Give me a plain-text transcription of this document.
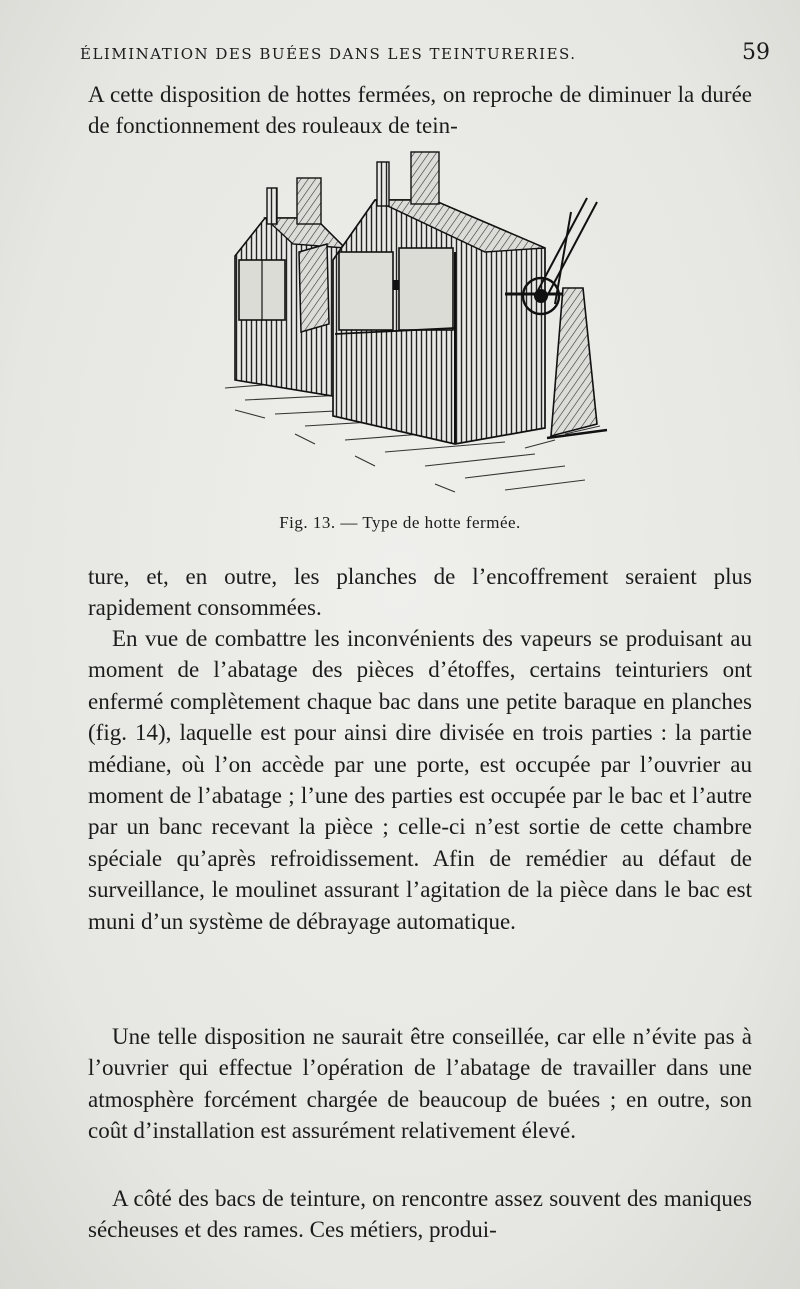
ÉLIMINATION DES BUÉES DANS LES TEINTURERIES.	59

A cette disposition de hottes fermées, on reproche de diminuer la durée de fonctionnement des rouleaux de tein-

Fig. 13. — Type de hotte fermée.

ture, et, en outre, les planches de l’encoffrement seraient plus rapidement consommées.

En vue de combattre les inconvénients des vapeurs se produisant au moment de l’abatage des pièces d’étoffes, certains teinturiers ont enfermé complètement chaque bac dans une petite baraque en planches (fig. 14), laquelle est pour ainsi dire divisée en trois parties : la partie médiane, où l’on accède par une porte, est occupée par l’ouvrier au moment de l’abatage ; l’une des parties est occupée par le bac et l’autre par un banc recevant la pièce ; celle-ci n’est sortie de cette chambre spéciale qu’après refroidissement. Afin de remédier au défaut de surveillance, le moulinet assurant l’agitation de la pièce dans le bac est muni d’un système de débrayage automatique.

Une telle disposition ne saurait être conseillée, car elle n’évite pas à l’ouvrier qui effectue l’opération de l’abatage de travailler dans une atmosphère forcément chargée de beaucoup de buées ; en outre, son coût d’installation est assurément relativement élevé.

A côté des bacs de teinture, on rencontre assez souvent des maniques sécheuses et des rames. Ces métiers, produi-
